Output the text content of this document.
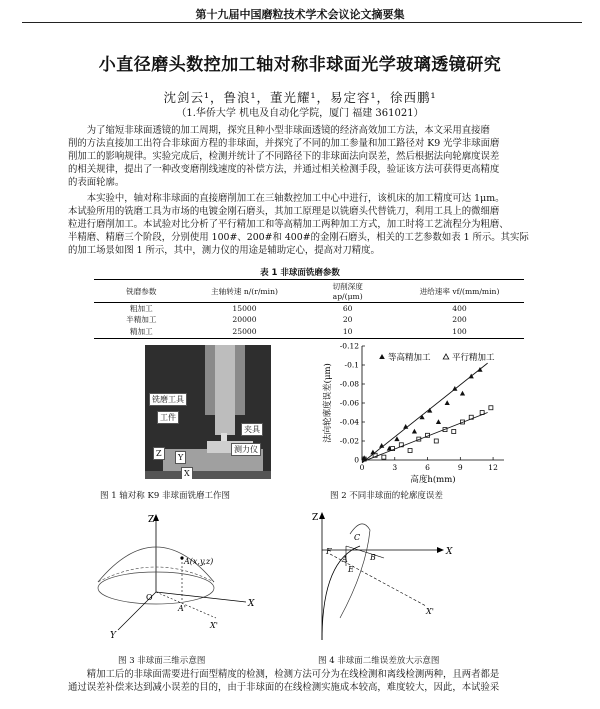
第十九届中国磨粒技术学术会议论文摘要集
小直径磨头数控加工轴对称非球面光学玻璃透镜研究
沈剑云¹，鲁浪¹，董光耀¹，易定容¹，徐西鹏¹
（1.华侨大学 机电及自动化学院，厦门 福建 361021）
为了缩短非球面透镜的加工周期，探究且种小型非球面透镜的经济高效加工方法，本文采用直接磨
削的方法直接加工出符合非球面方程的非球面，并探究了不同的加工参量和加工路径对 K9 光学非球面磨
削加工的影响规律。实验完成后，检测并统计了不同路径下的非球面法向误差，然后根据法向轮廓度误差
的相关规律，提出了一种改变磨削线速度的补偿方法，并通过相关检测手段，验证该方法可获得更高精度
的表面轮廓。
本实验中，轴对称非球面的直接磨削加工在三轴数控加工中心中进行，该机床的加工精度可达 1μm。
本试验所用的铣磨工具为市场的电镀金刚石磨头，其加工原理是以铣磨头代替铣刀，利用工具上的微细磨
粒进行磨削加工。本试验对比分析了平行精加工和等高精加工两种加工方式，加工时将工艺流程分为粗磨、
半精磨、精磨三个阶段，分别使用 100#、200#和 400#的金刚石磨头，相关的工艺参数如表 1 所示。其实际
的加工场景如图 1 所示，其中，测力仪的用途是辅助定心，提高对刀精度。
表 1 非球面铣磨参数
铣磨参数	主轴转速 n/(r/min)	切削深度
ap/(μm)	进给速率 vf/(mm/min)
粗加工	15000	60	400
半精加工	20000	20	200
精加工	25000	10	100
铣磨工具
工件
夹具
测力仪
Z	Y
X
图 1 轴对称 K9 非球面铣磨工作图
0	3	6	9	12
0
-0.02
-0.04
-0.06
-0.08
-0.1
-0.12
等高精加工	平行精加工
法向轮廓度误差(μm)
高度h(mm)
图 2 不同非球面的轮廓度误差
Z
A(x,y,z)
A'
O
X
X'
Y
图 3 非球面三维示意图
Z
F
C
A	B
E
X
X'
图 4 非球面二维误差放大示意图
精加工后的非球面需要进行面型精度的检测，检测方法可分为在线检测和离线检测两种，且两者都是
通过误差补偿来达到减小误差的目的，由于非球面的在线检测实施成本较高，难度较大，因此，本试验采
